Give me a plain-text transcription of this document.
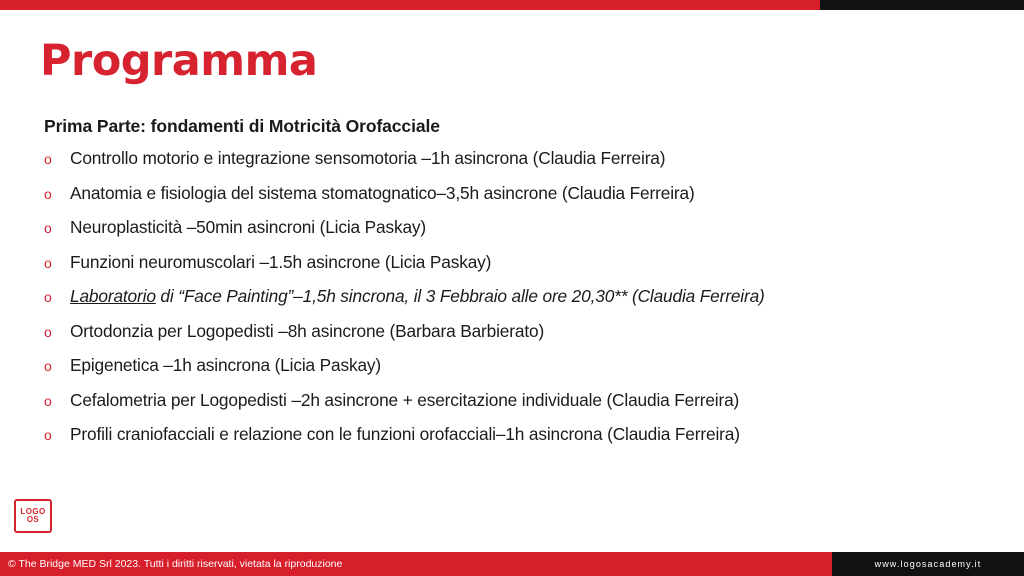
Programma
Prima Parte: fondamenti di Motricità Orofacciale
o	Controllo motorio e integrazione sensomotoria –1h asincrona (Claudia Ferreira)
o	Anatomia e fisiologia del sistema stomatognatico–3,5h asincrone (Claudia Ferreira)
o	Neuroplasticità –50min asincroni (Licia Paskay)
o	Funzioni neuromuscolari –1.5h asincrone (Licia Paskay)
o	Laboratorio di “Face Painting”–1,5h sincrona, il 3 Febbraio alle ore 20,30** (Claudia Ferreira)
o	Ortodonzia per Logopedisti –8h asincrone (Barbara Barbierato)
o	Epigenetica –1h asincrona (Licia Paskay)
o	Cefalometria per Logopedisti –2h asincrone + esercitazione individuale (Claudia Ferreira)
o	Profili craniofacciali e relazione con le funzioni orofacciali–1h asincrona (Claudia Ferreira)
LOGO
OS
© The Bridge MED Srl 2023. Tutti i diritti riservati, vietata la riproduzione	www.logosacademy.it
